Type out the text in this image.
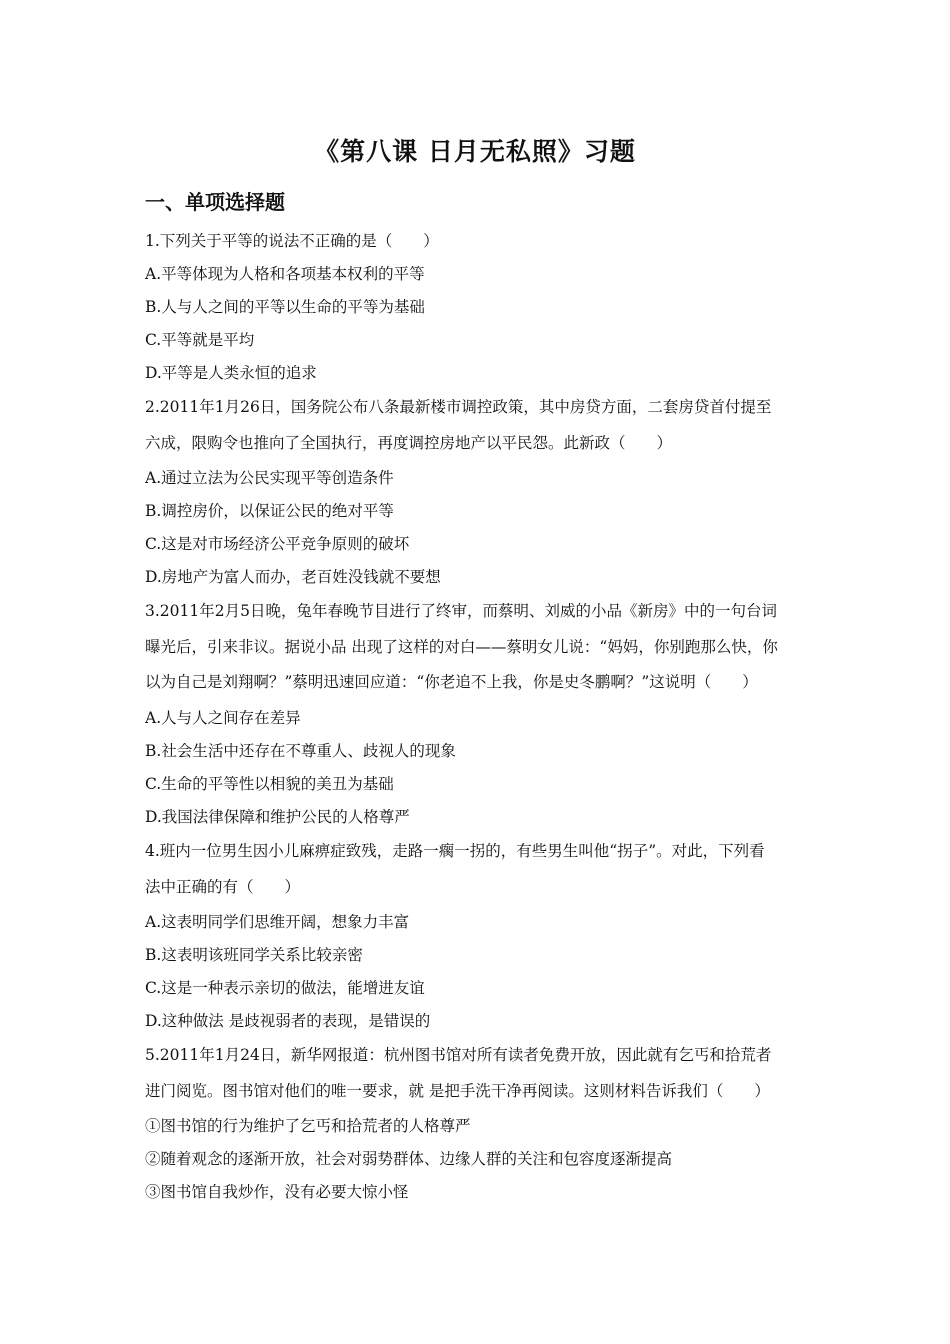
《第八课 日月无私照》习题
一、单项选择题
1.下列关于平等的说法不正确的是（　　）
A.平等体现为人格和各项基本权利的平等
B.人与人之间的平等以生命的平等为基础
C.平等就是平均
D.平等是人类永恒的追求
2.2011年1月26日，国务院公布八条最新楼市调控政策，其中房贷方面，二套房贷首付提至
六成，限购令也推向了全国执行，再度调控房地产以平民怨。此新政（　　）
A.通过立法为公民实现平等创造条件
B.调控房价，以保证公民的绝对平等
C.这是对市场经济公平竞争原则的破坏
D.房地产为富人而办，老百姓没钱就不要想
3.2011年2月5日晚，兔年春晚节目进行了终审，而蔡明、刘威的小品《新房》中的一句台词
曝光后，引来非议。据说小品 出现了这样的对白——蔡明女儿说：“妈妈，你别跑那么快，你
以为自己是刘翔啊？”蔡明迅速回应道：“你老追不上我，你是史冬鹏啊？”这说明（　　）
A.人与人之间存在差异
B.社会生活中还存在不尊重人、歧视人的现象
C.生命的平等性以相貌的美丑为基础
D.我国法律保障和维护公民的人格尊严
4.班内一位男生因小儿麻痹症致残，走路一瘸一拐的，有些男生叫他“拐子”。对此，下列看
法中正确的有（　　）
A.这表明同学们思维开阔，想象力丰富
B.这表明该班同学关系比较亲密
C.这是一种表示亲切的做法，能增进友谊
D.这种做法 是歧视弱者的表现，是错误的
5.2011年1月24日，新华网报道：杭州图书馆对所有读者免费开放，因此就有乞丐和拾荒者
进门阅览。图书馆对他们的唯一要求，就 是把手洗干净再阅读。这则材料告诉我们（　　）
①图书馆的行为维护了乞丐和拾荒者的人格尊严
②随着观念的逐渐开放，社会对弱势群体、边缘人群的关注和包容度逐渐提高
③图书馆自我炒作，没有必要大惊小怪
